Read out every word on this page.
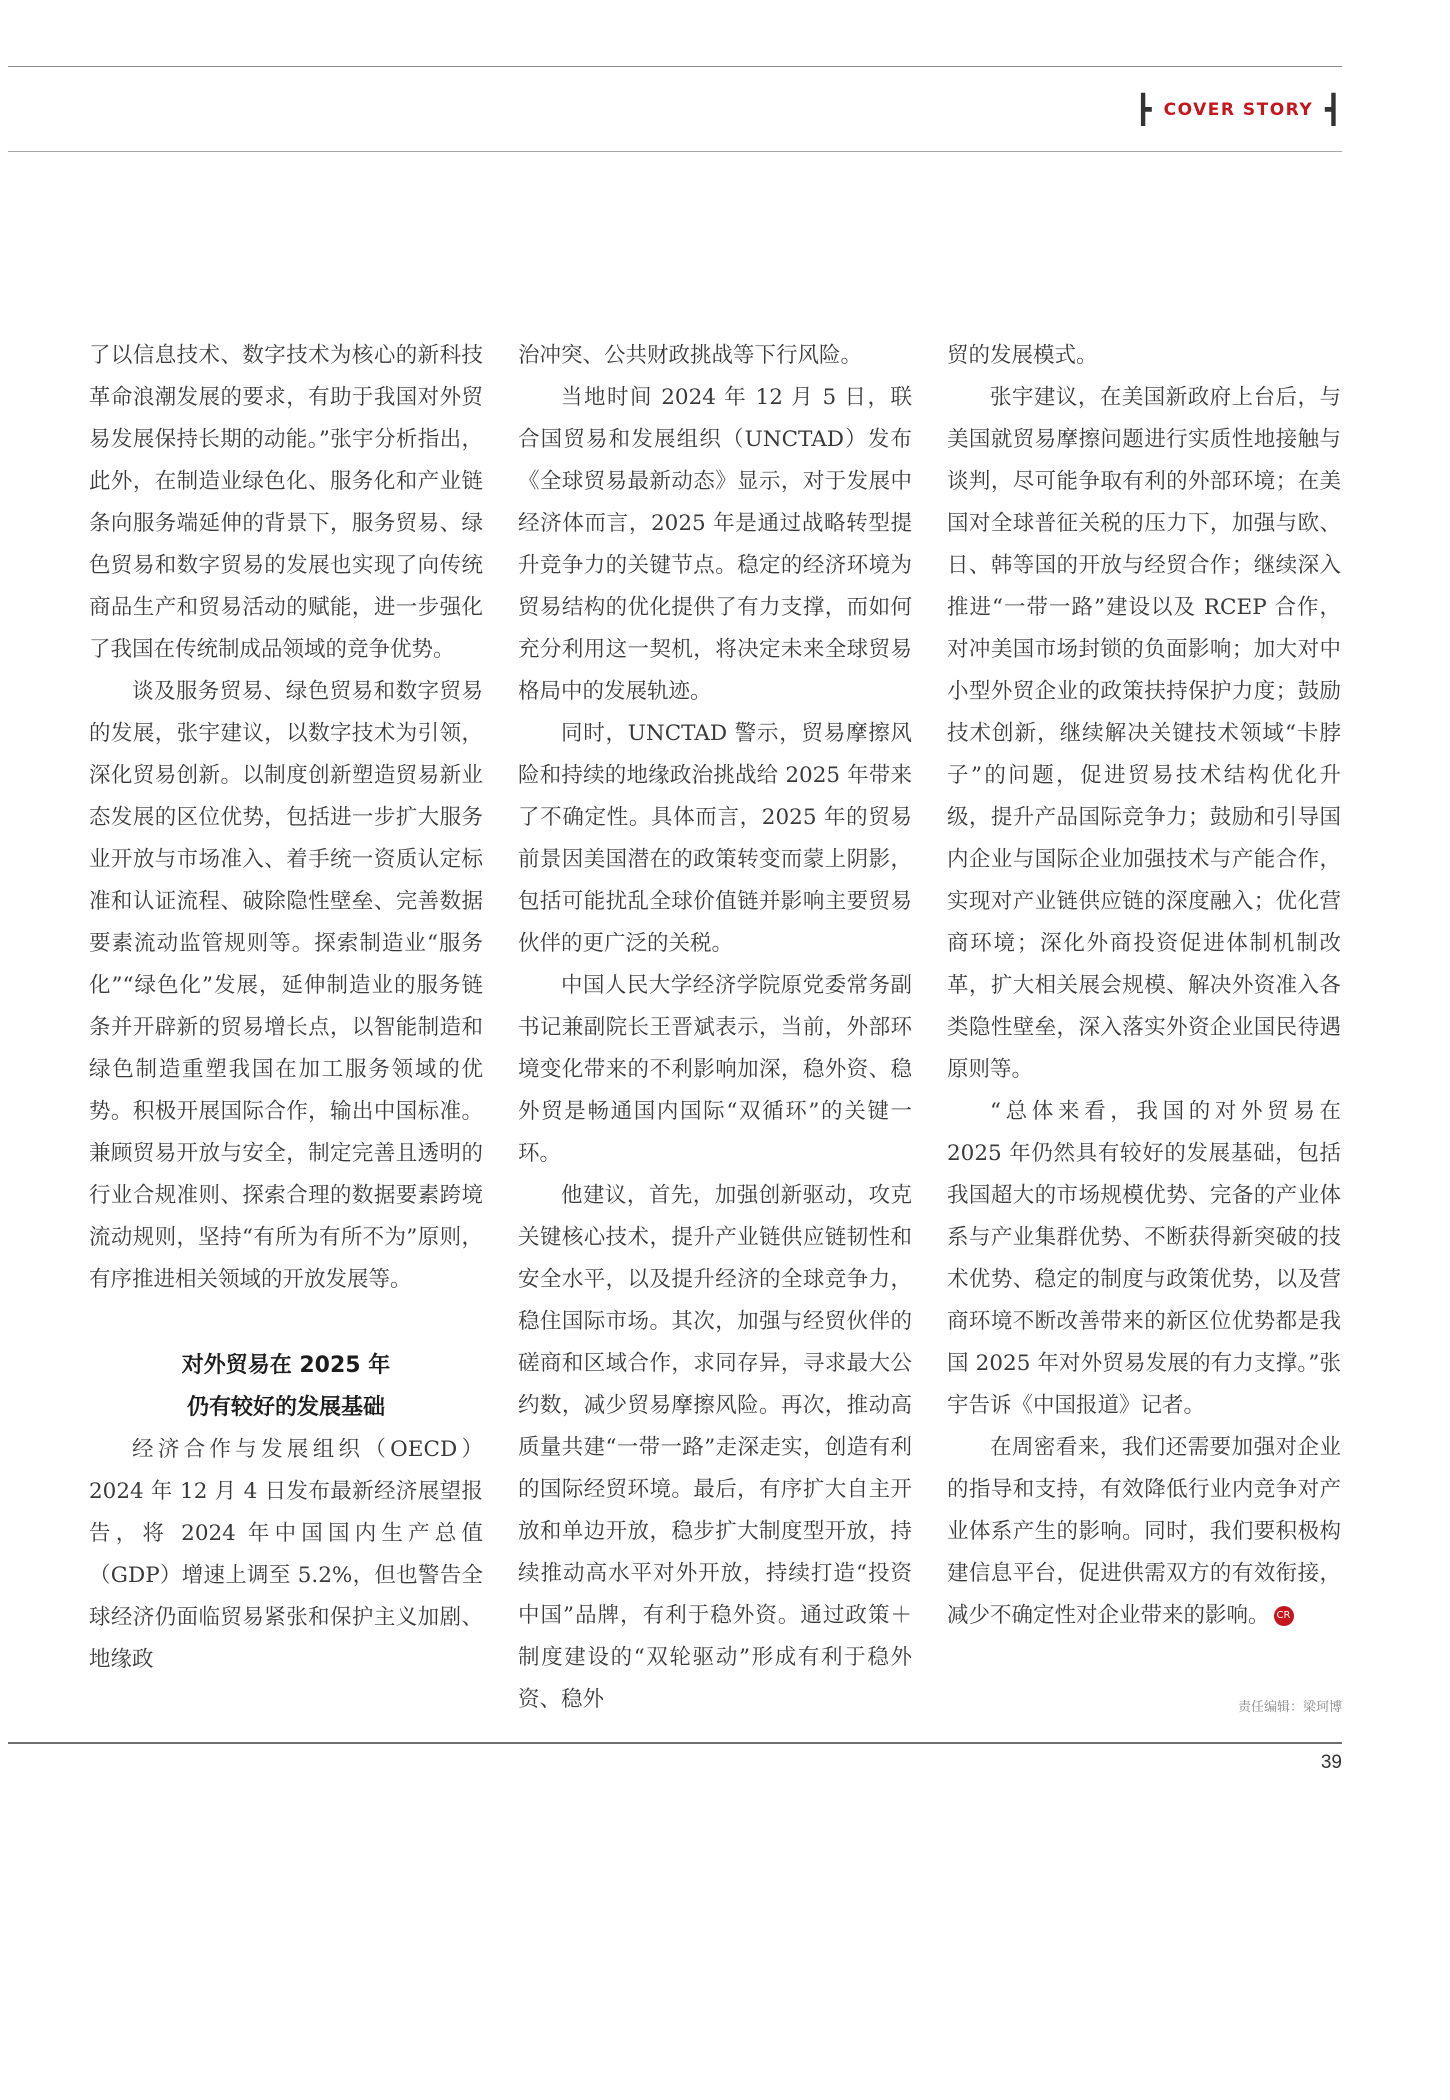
┣ COVER STORY ┫

了以信息技术、数字技术为核心的新科技革命浪潮发展的要求，有助于我国对外贸易发展保持长期的动能。”张宇分析指出，此外，在制造业绿色化、服务化和产业链条向服务端延伸的背景下，服务贸易、绿色贸易和数字贸易的发展也实现了向传统商品生产和贸易活动的赋能，进一步强化了我国在传统制成品领域的竞争优势。

谈及服务贸易、绿色贸易和数字贸易的发展，张宇建议，以数字技术为引领，深化贸易创新。以制度创新塑造贸易新业态发展的区位优势，包括进一步扩大服务业开放与市场准入、着手统一资质认定标准和认证流程、破除隐性壁垒、完善数据要素流动监管规则等。探索制造业“服务化”“绿色化”发展，延伸制造业的服务链条并开辟新的贸易增长点，以智能制造和绿色制造重塑我国在加工服务领域的优势。积极开展国际合作，输出中国标准。兼顾贸易开放与安全，制定完善且透明的行业合规准则、探索合理的数据要素跨境流动规则，坚持“有所为有所不为”原则，有序推进相关领域的开放发展等。

对外贸易在 2025 年
仍有较好的发展基础

经济合作与发展组织（OECD）2024 年 12 月 4 日发布最新经济展望报告，将 2024 年中国国内生产总值（GDP）增速上调至 5.2%，但也警告全球经济仍面临贸易紧张和保护主义加剧、地缘政

治冲突、公共财政挑战等下行风险。

当地时间 2024 年 12 月 5 日，联合国贸易和发展组织（UNCTAD）发布《全球贸易最新动态》显示，对于发展中经济体而言，2025 年是通过战略转型提升竞争力的关键节点。稳定的经济环境为贸易结构的优化提供了有力支撑，而如何充分利用这一契机，将决定未来全球贸易格局中的发展轨迹。

同时，UNCTAD 警示，贸易摩擦风险和持续的地缘政治挑战给 2025 年带来了不确定性。具体而言，2025 年的贸易前景因美国潜在的政策转变而蒙上阴影，包括可能扰乱全球价值链并影响主要贸易伙伴的更广泛的关税。

中国人民大学经济学院原党委常务副书记兼副院长王晋斌表示，当前，外部环境变化带来的不利影响加深，稳外资、稳外贸是畅通国内国际“双循环”的关键一环。

他建议，首先，加强创新驱动，攻克关键核心技术，提升产业链供应链韧性和安全水平，以及提升经济的全球竞争力，稳住国际市场。其次，加强与经贸伙伴的磋商和区域合作，求同存异，寻求最大公约数，减少贸易摩擦风险。再次，推动高质量共建“一带一路”走深走实，创造有利的国际经贸环境。最后，有序扩大自主开放和单边开放，稳步扩大制度型开放，持续推动高水平对外开放，持续打造“投资中国”品牌，有利于稳外资。通过政策＋制度建设的“双轮驱动”形成有利于稳外资、稳外

贸的发展模式。

张宇建议，在美国新政府上台后，与美国就贸易摩擦问题进行实质性地接触与谈判，尽可能争取有利的外部环境；在美国对全球普征关税的压力下，加强与欧、日、韩等国的开放与经贸合作；继续深入推进“一带一路”建设以及 RCEP 合作，对冲美国市场封锁的负面影响；加大对中小型外贸企业的政策扶持保护力度；鼓励技术创新，继续解决关键技术领域“卡脖子”的问题，促进贸易技术结构优化升级，提升产品国际竞争力；鼓励和引导国内企业与国际企业加强技术与产能合作，实现对产业链供应链的深度融入；优化营商环境；深化外商投资促进体制机制改革，扩大相关展会规模、解决外资准入各类隐性壁垒，深入落实外资企业国民待遇原则等。

“总体来看，我国的对外贸易在 2025 年仍然具有较好的发展基础，包括我国超大的市场规模优势、完备的产业体系与产业集群优势、不断获得新突破的技术优势、稳定的制度与政策优势，以及营商环境不断改善带来的新区位优势都是我国 2025 年对外贸易发展的有力支撑。”张宇告诉《中国报道》记者。

在周密看来，我们还需要加强对企业的指导和支持，有效降低行业内竞争对产业体系产生的影响。同时，我们要积极构建信息平台，促进供需双方的有效衔接，减少不确定性对企业带来的影响。 CR

责任编辑：梁珂博
39
